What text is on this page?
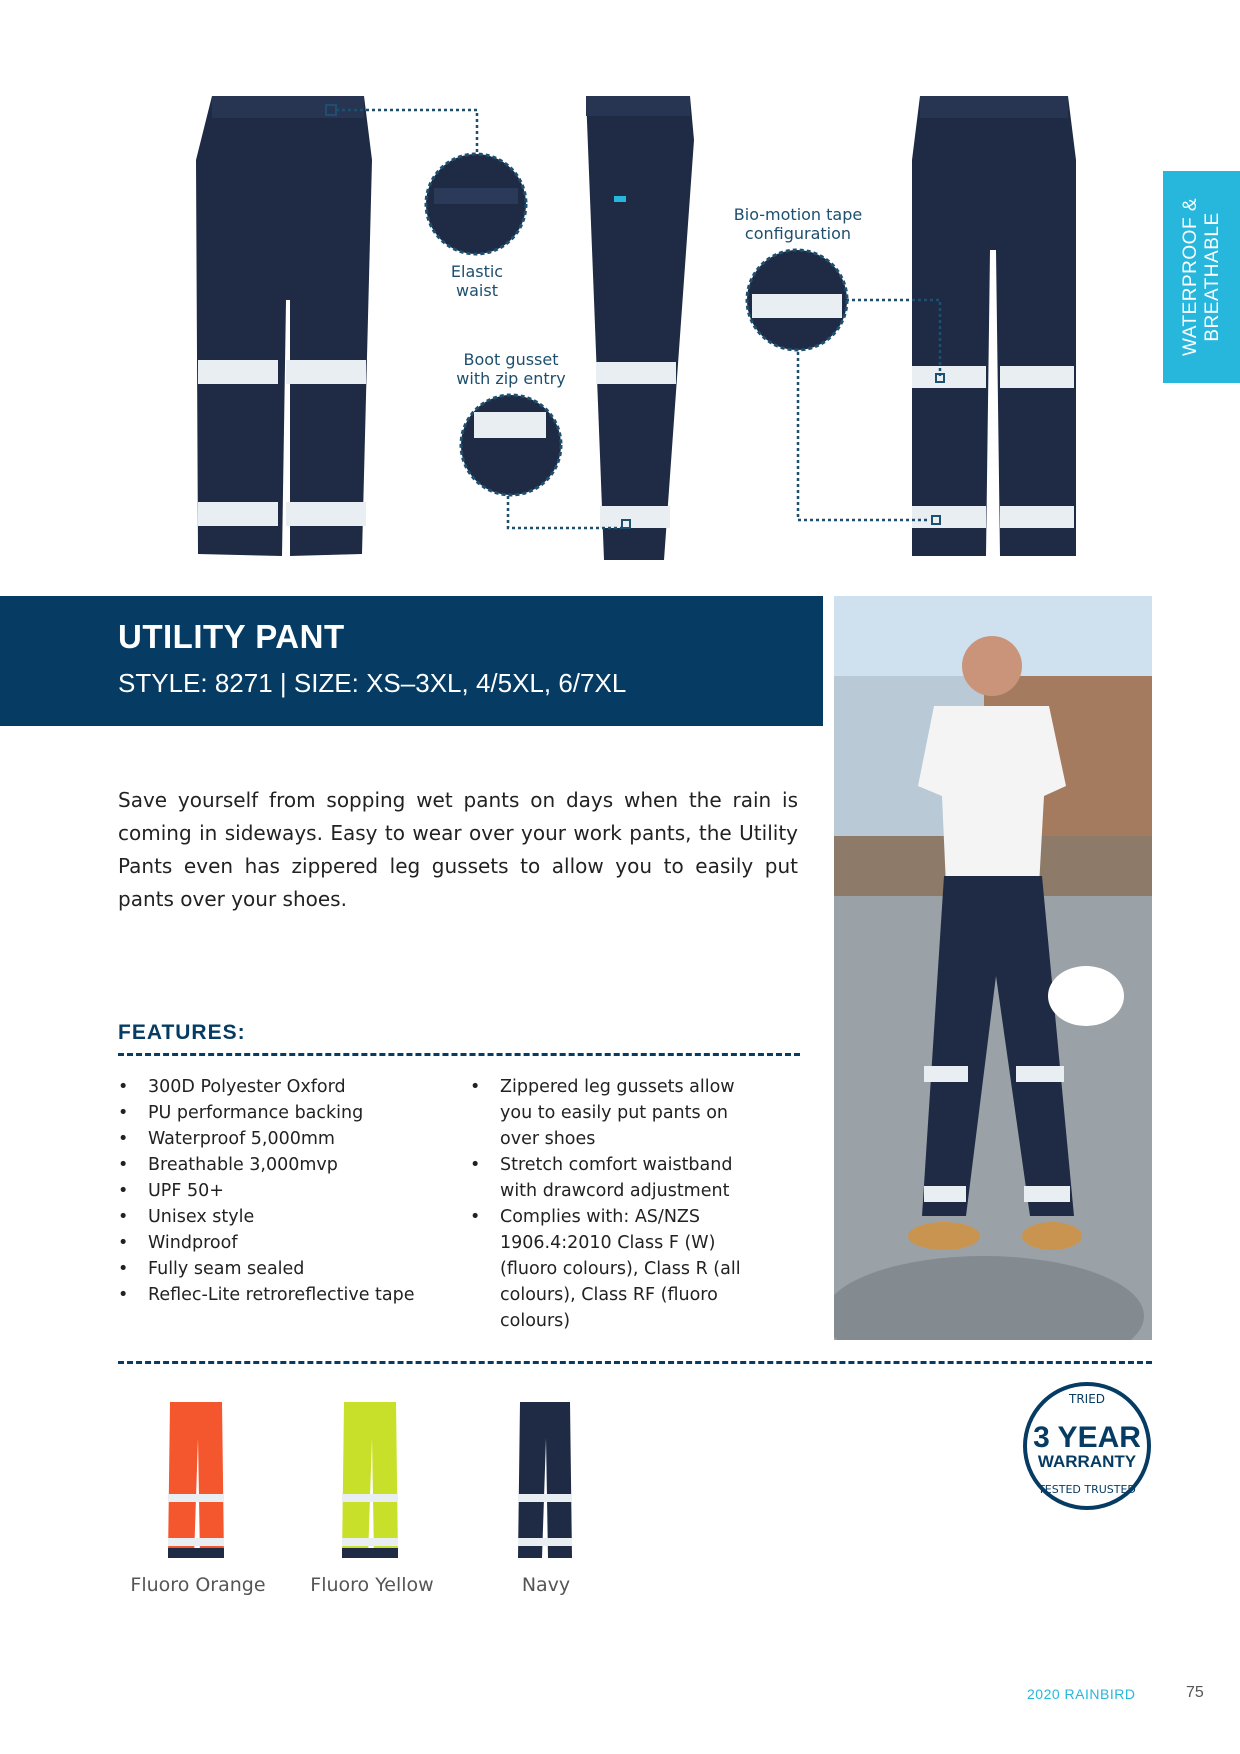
WATERPROOF & BREATHABLE
Elastic
waist
Boot gusset
with zip entry
Bio-motion tape
configuration
UTILITY PANT
STYLE: 8271 | SIZE: XS–3XL, 4/5XL, 6/7XL
Save yourself from sopping wet pants on days when the rain is coming in sideways. Easy to wear over your work pants, the Utility Pants even has zippered leg gussets to allow you to easily put pants over your shoes.
FEATURES:
• 300D Polyester Oxford
• PU performance backing
• Waterproof 5,000mm
• Breathable 3,000mvp
• UPF 50+
• Unisex style
• Windproof
• Fully seam sealed
• Reflec-Lite retroreflective tape
• Zippered leg gussets allow you to easily put pants on over shoes
• Stretch comfort waistband with drawcord adjustment
• Complies with: AS/NZS 1906.4:2010 Class F (W) (fluoro colours), Class R (all colours), Class RF (fluoro colours)
Fluoro Orange	Fluoro Yellow	Navy
TRIED
3 YEAR
WARRANTY
TESTED TRUSTED
2020 RAINBIRD	75
